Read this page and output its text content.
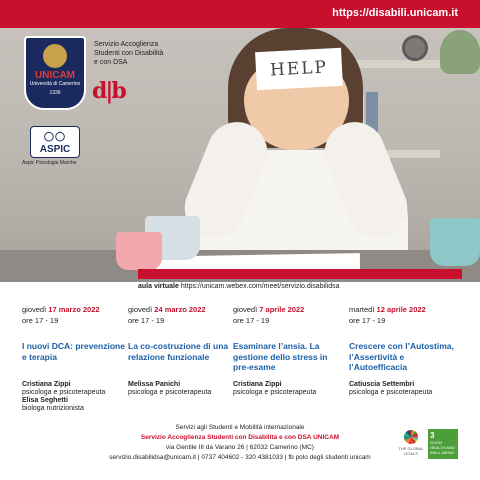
HELP
https://disabili.unicam.it
UNICAM
Università di Camerino
1336
Servizio Accoglienza
Studenti con Disabilità
e con DSA
d|b
◯◯
ASPIC
Aspic Psicologia Marche
aula virtuale https://unicam.webex.com/meet/servizio.disabilidsa
giovedì 17 marzo 2022
ore 17 - 19
I nuovi DCA: prevenzione e terapia
Cristiana Zippi
psicologa e psicoterapeuta
Elisa Seghetti
biologa nutrizionista
giovedì 24 marzo 2022
ore 17 - 19
La co-costruzione di una relazione funzionale
Melissa Panichi
psicologa e psicoterapeuta
giovedì 7 aprile 2022
ore 17 - 19
Esaminare l’ansia. La gestione dello stress in pre-esame
Cristiana Zippi
psicologa e psicoterapeuta
martedì 12 aprile 2022
ore 17 - 19
Crescere con l’Autostima, l’Assertività e l’Autoefficacia
Catiuscia Settembri
psicologa e psicoterapeuta
Servizi agli Studenti e Mobilità internazionale
Servizio Accoglienza Studenti con Disabilità e con DSA UNICAM
via Gentile III da Varano 26 | 62032 Camerino (MC)
servizio.disabilidsa@unicam.it | 0737 404602 - 320 4381033 | fb polo degli studenti unicam
THE GLOBAL GOALS
3
GOOD HEALTH AND WELL-BEING
